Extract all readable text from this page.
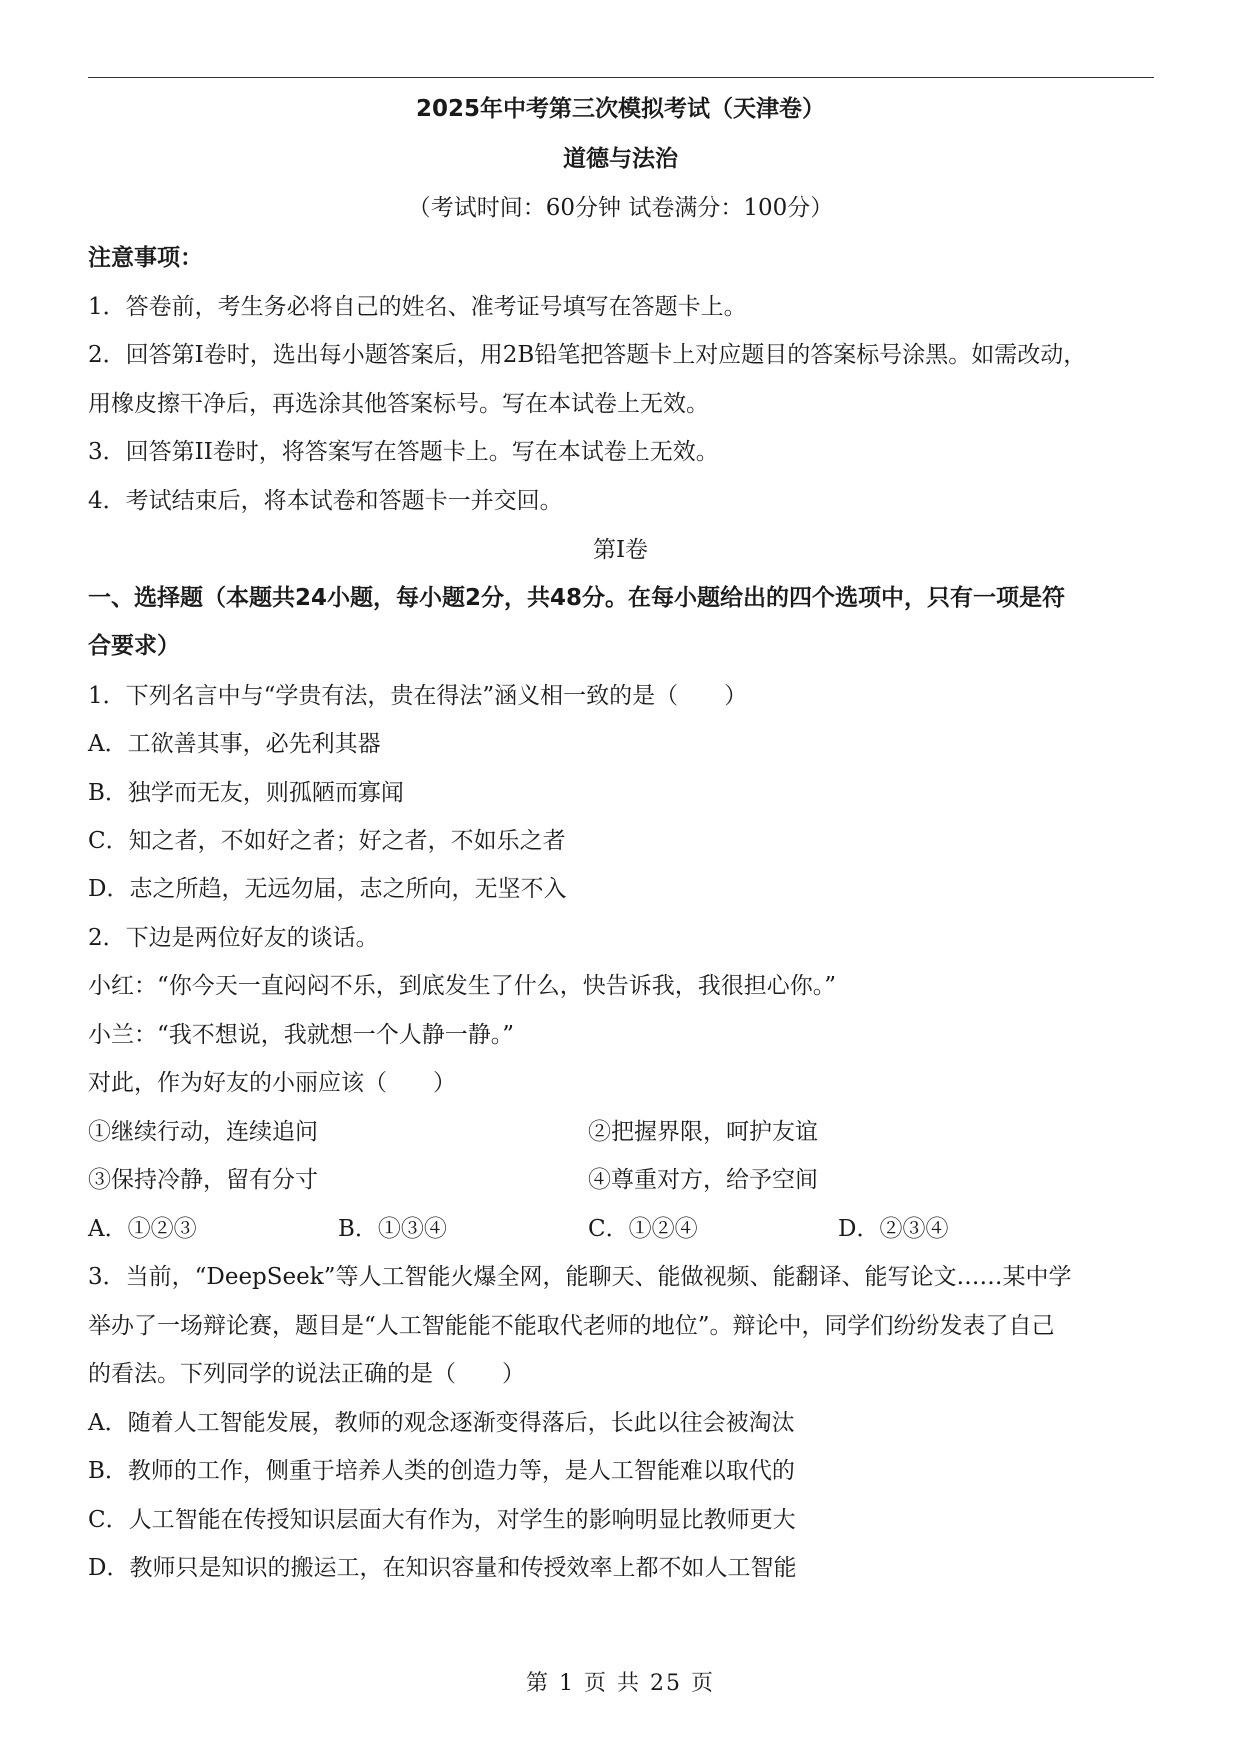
2025年中考第三次模拟考试（天津卷）
道德与法治
（考试时间：60分钟 试卷满分：100分）
注意事项：
1．答卷前，考生务必将自己的姓名、准考证号填写在答题卡上。
2．回答第I卷时，选出每小题答案后，用2B铅笔把答题卡上对应题目的答案标号涂黑。如需改动，
用橡皮擦干净后，再选涂其他答案标号。写在本试卷上无效。
3．回答第II卷时，将答案写在答题卡上。写在本试卷上无效。
4．考试结束后，将本试卷和答题卡一并交回。
第I卷
一、选择题（本题共24小题，每小题2分，共48分。在每小题给出的四个选项中，只有一项是符
合要求）
1．下列名言中与“学贵有法，贵在得法”涵义相一致的是（　　）
A．工欲善其事，必先利其器
B．独学而无友，则孤陋而寡闻
C．知之者，不如好之者；好之者，不如乐之者
D．志之所趋，无远勿届，志之所向，无坚不入
2．下边是两位好友的谈话。
小红：“你今天一直闷闷不乐，到底发生了什么，快告诉我，我很担心你。”
小兰：“我不想说，我就想一个人静一静。”
对此，作为好友的小丽应该（　　）
①继续行动，连续追问	②把握界限，呵护友谊
③保持冷静，留有分寸	④尊重对方，给予空间
A．①②③	B．①③④	C．①②④	D．②③④
3．当前，“DeepSeek”等人工智能火爆全网，能聊天、能做视频、能翻译、能写论文……某中学
举办了一场辩论赛，题目是“人工智能能不能取代老师的地位”。辩论中，同学们纷纷发表了自己
的看法。下列同学的说法正确的是（　　）
A．随着人工智能发展，教师的观念逐渐变得落后，长此以往会被淘汰
B．教师的工作，侧重于培养人类的创造力等，是人工智能难以取代的
C．人工智能在传授知识层面大有作为，对学生的影响明显比教师更大
D．教师只是知识的搬运工，在知识容量和传授效率上都不如人工智能
第 1 页 共 25 页
